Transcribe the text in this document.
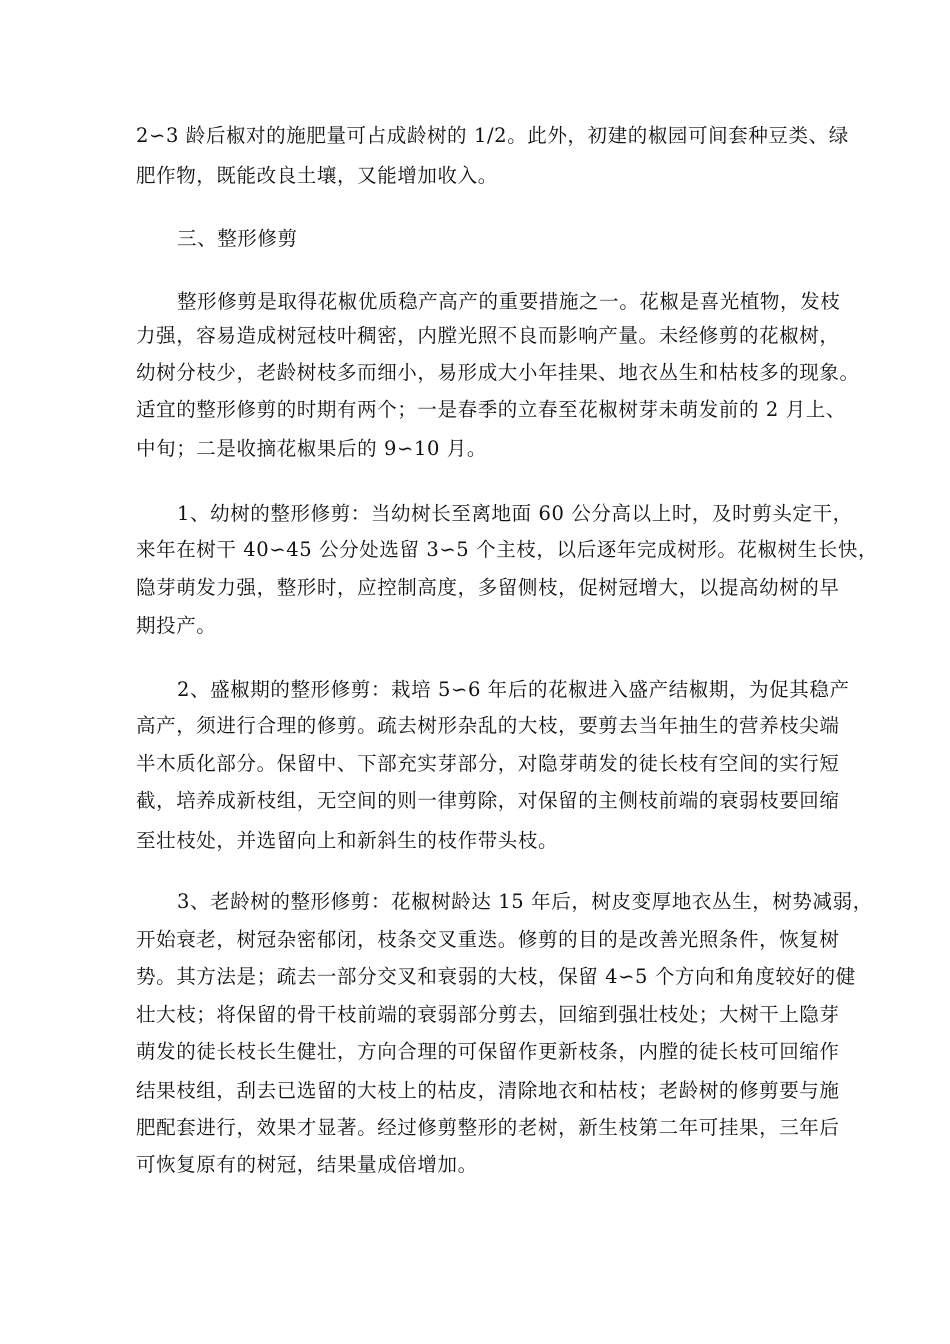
2∽3 龄后椒对的施肥量可占成龄树的 1/2。此外，初建的椒园可间套种豆类、绿
肥作物，既能改良土壤，又能增加收入。
三、整形修剪
整形修剪是取得花椒优质稳产高产的重要措施之一。花椒是喜光植物，发枝
力强，容易造成树冠枝叶稠密，内膛光照不良而影响产量。未经修剪的花椒树，
幼树分枝少，老龄树枝多而细小，易形成大小年挂果、地衣丛生和枯枝多的现象。
适宜的整形修剪的时期有两个；一是春季的立春至花椒树芽未萌发前的 2 月上、
中旬；二是收摘花椒果后的 9∽10 月。
1、幼树的整形修剪：当幼树长至离地面 60 公分高以上时，及时剪头定干，
来年在树干 40∽45 公分处选留 3∽5 个主枝，以后逐年完成树形。花椒树生长快，
隐芽萌发力强，整形时，应控制高度，多留侧枝，促树冠增大，以提高幼树的早
期投产。
2、盛椒期的整形修剪：栽培 5∽6 年后的花椒进入盛产结椒期，为促其稳产
高产，须进行合理的修剪。疏去树形杂乱的大枝，要剪去当年抽生的营养枝尖端
半木质化部分。保留中、下部充实芽部分，对隐芽萌发的徒长枝有空间的实行短
截，培养成新枝组，无空间的则一律剪除，对保留的主侧枝前端的衰弱枝要回缩
至壮枝处，并选留向上和新斜生的枝作带头枝。
3、老龄树的整形修剪：花椒树龄达 15 年后，树皮变厚地衣丛生，树势减弱，
开始衰老，树冠杂密郁闭，枝条交叉重迭。修剪的目的是改善光照条件，恢复树
势。其方法是；疏去一部分交叉和衰弱的大枝，保留 4∽5 个方向和角度较好的健
壮大枝；将保留的骨干枝前端的衰弱部分剪去，回缩到强壮枝处；大树干上隐芽
萌发的徒长枝长生健壮，方向合理的可保留作更新枝条，内膛的徒长枝可回缩作
结果枝组，刮去已选留的大枝上的枯皮，清除地衣和枯枝；老龄树的修剪要与施
肥配套进行，效果才显著。经过修剪整形的老树，新生枝第二年可挂果，三年后
可恢复原有的树冠，结果量成倍增加。
